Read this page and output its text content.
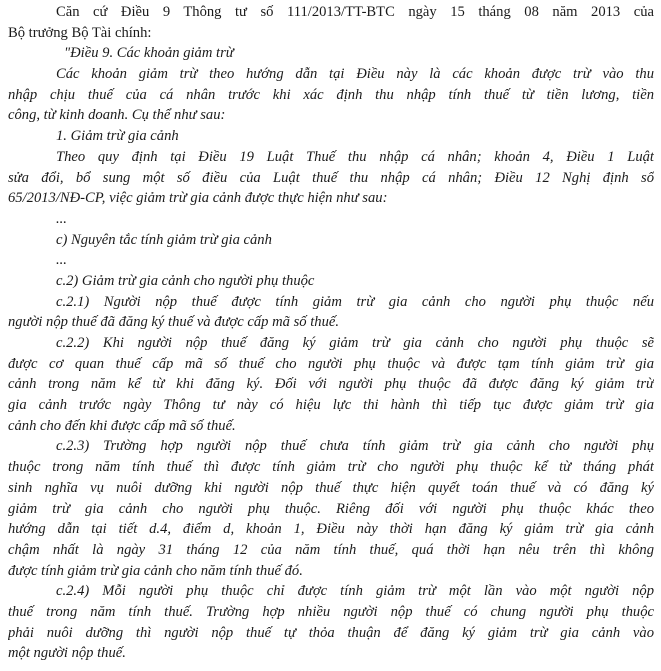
Căn cứ Điều 9 Thông tư số 111/2013/TT-BTC ngày 15 tháng 08 năm 2013 của
Bộ trưởng Bộ Tài chính:
"Điều 9. Các khoản giảm trừ
Các khoản giảm trừ theo hướng dẫn tại Điều này là các khoản được trừ vào thu
nhập chịu thuế của cá nhân trước khi xác định thu nhập tính thuế từ tiền lương, tiền
công, từ kinh doanh. Cụ thể như sau:
1. Giảm trừ gia cảnh
Theo quy định tại Điều 19 Luật Thuế thu nhập cá nhân; khoản 4, Điều 1 Luật
sửa đổi, bổ sung một số điều của Luật thuế thu nhập cá nhân; Điều 12 Nghị định số
65/2013/NĐ-CP, việc giảm trừ gia cảnh được thực hiện như sau:
...
c) Nguyên tắc tính giảm trừ gia cảnh
...
c.2) Giảm trừ gia cảnh cho người phụ thuộc
c.2.1) Người nộp thuế được tính giảm trừ gia cảnh cho người phụ thuộc nếu
người nộp thuế đã đăng ký thuế và được cấp mã số thuế.
c.2.2) Khi người nộp thuế đăng ký giảm trừ gia cảnh cho người phụ thuộc sẽ
được cơ quan thuế cấp mã số thuế cho người phụ thuộc và được tạm tính giảm trừ gia
cảnh trong năm kể từ khi đăng ký. Đối với người phụ thuộc đã được đăng ký giảm trừ
gia cảnh trước ngày Thông tư này có hiệu lực thi hành thì tiếp tục được giảm trừ gia
cảnh cho đến khi được cấp mã số thuế.
c.2.3) Trường hợp người nộp thuế chưa tính giảm trừ gia cảnh cho người phụ
thuộc trong năm tính thuế thì được tính giảm trừ cho người phụ thuộc kể từ tháng phát
sinh nghĩa vụ nuôi dưỡng khi người nộp thuế thực hiện quyết toán thuế và có đăng ký
giảm trừ gia cảnh cho người phụ thuộc. Riêng đối với người phụ thuộc khác theo
hướng dẫn tại tiết d.4, điểm d, khoản 1, Điều này thời hạn đăng ký giảm trừ gia cảnh
chậm nhất là ngày 31 tháng 12 của năm tính thuế, quá thời hạn nêu trên thì không
được tính giảm trừ gia cảnh cho năm tính thuế đó.
c.2.4) Mỗi người phụ thuộc chỉ được tính giảm trừ một lần vào một người nộp
thuế trong năm tính thuế. Trường hợp nhiều người nộp thuế có chung người phụ thuộc
phải nuôi dưỡng thì người nộp thuế tự thỏa thuận để đăng ký giảm trừ gia cảnh vào
một người nộp thuế.
